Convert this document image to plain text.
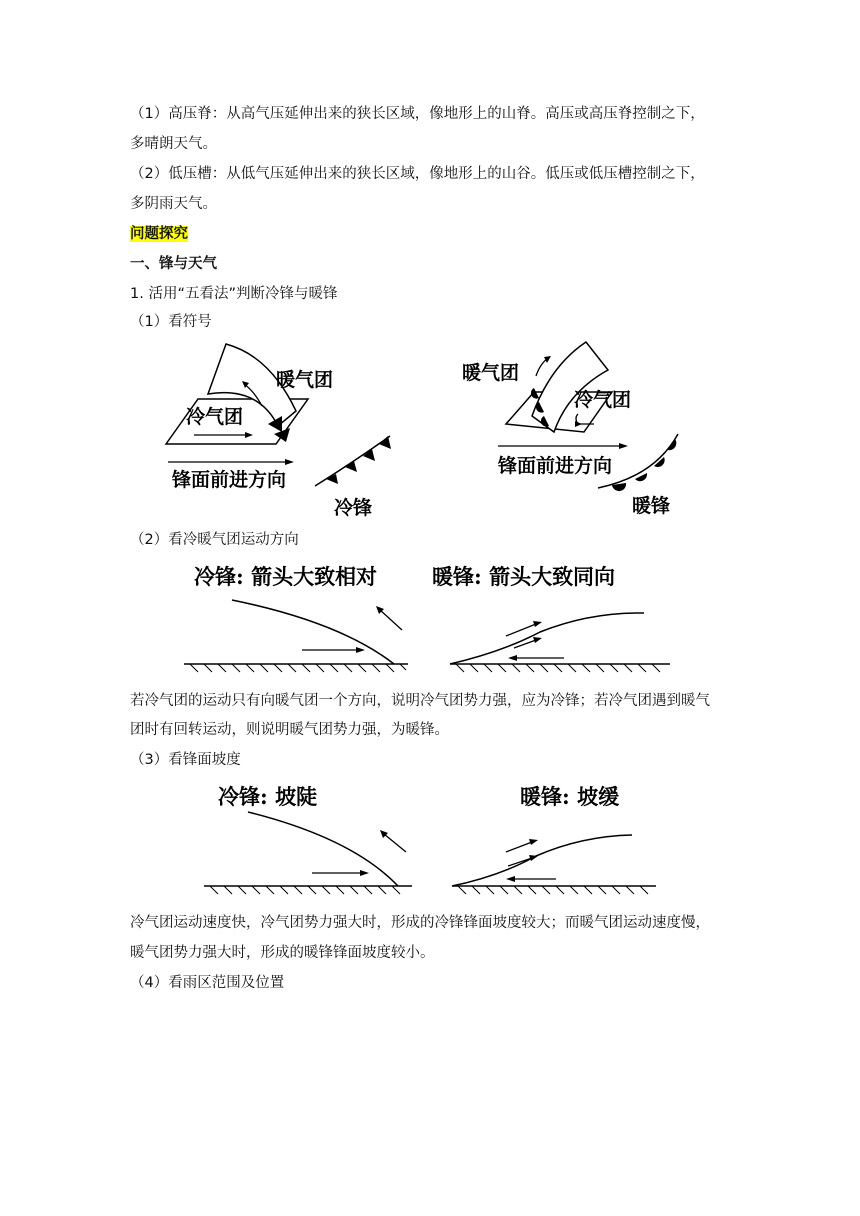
（1）高压脊：从高气压延伸出来的狭长区域，像地形上的山脊。高压或高压脊控制之下，
多晴朗天气。
（2）低压槽：从低气压延伸出来的狭长区域，像地形上的山谷。低压或低压槽控制之下，
多阴雨天气。
问题探究
一、锋与天气
1. 活用“五看法”判断冷锋与暖锋
（1）看符号
暖气团
冷气团
锋面前进方向
冷锋
暖气团
冷气团
锋面前进方向
暖锋
（2）看冷暖气团运动方向
冷锋: 箭头大致相对	暖锋: 箭头大致同向
若冷气团的运动只有向暖气团一个方向，说明冷气团势力强，应为冷锋；若冷气团遇到暖气
团时有回转运动，则说明暖气团势力强，为暖锋。
（3）看锋面坡度
冷锋: 坡陡	暖锋: 坡缓
冷气团运动速度快，冷气团势力强大时，形成的冷锋锋面坡度较大；而暖气团运动速度慢，
暖气团势力强大时，形成的暖锋锋面坡度较小。
（4）看雨区范围及位置
